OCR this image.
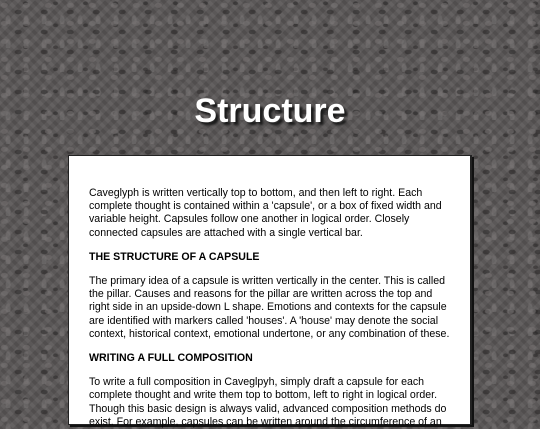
Structure

Caveglyph is written vertically top to bottom, and then left to right. Each complete thought is contained within a 'capsule', or a box of fixed width and variable height. Capsules follow one another in logical order. Closely connected capsules are attached with a single vertical bar.

THE STRUCTURE OF A CAPSULE

The primary idea of a capsule is written vertically in the center. This is called the pillar. Causes and reasons for the pillar are written across the top and right side in an upside-down L shape. Emotions and contexts for the capsule are identified with markers called 'houses'. A 'house' may denote the social context, historical context, emotional undertone, or any combination of these.

WRITING A FULL COMPOSITION

To write a full composition in Caveglpyh, simply draft a capsule for each complete thought and write them top to bottom, left to right in logical order. Though this basic design is always valid, advanced composition methods do exist. For example, capsules can be written around the circumference of an
